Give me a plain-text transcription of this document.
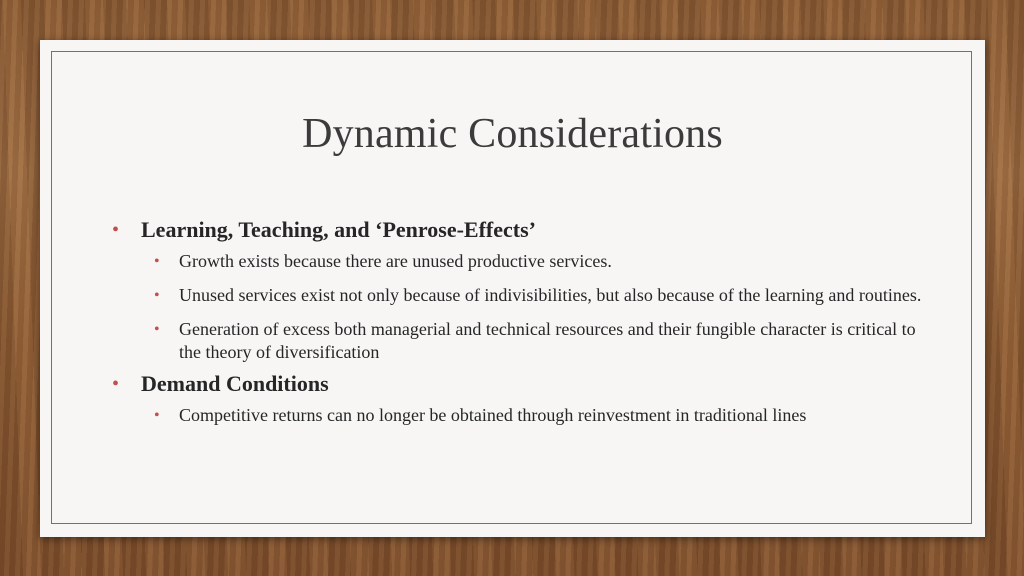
Dynamic Considerations
• Learning, Teaching, and ‘Penrose-Effects’
• Growth exists because there are unused productive services.
• Unused services exist not only because of indivisibilities, but also because of the learning and routines.
• Generation of excess both managerial and technical resources and their fungible character is critical to the theory of diversification
• Demand Conditions
• Competitive returns can no longer be obtained through reinvestment in traditional lines
